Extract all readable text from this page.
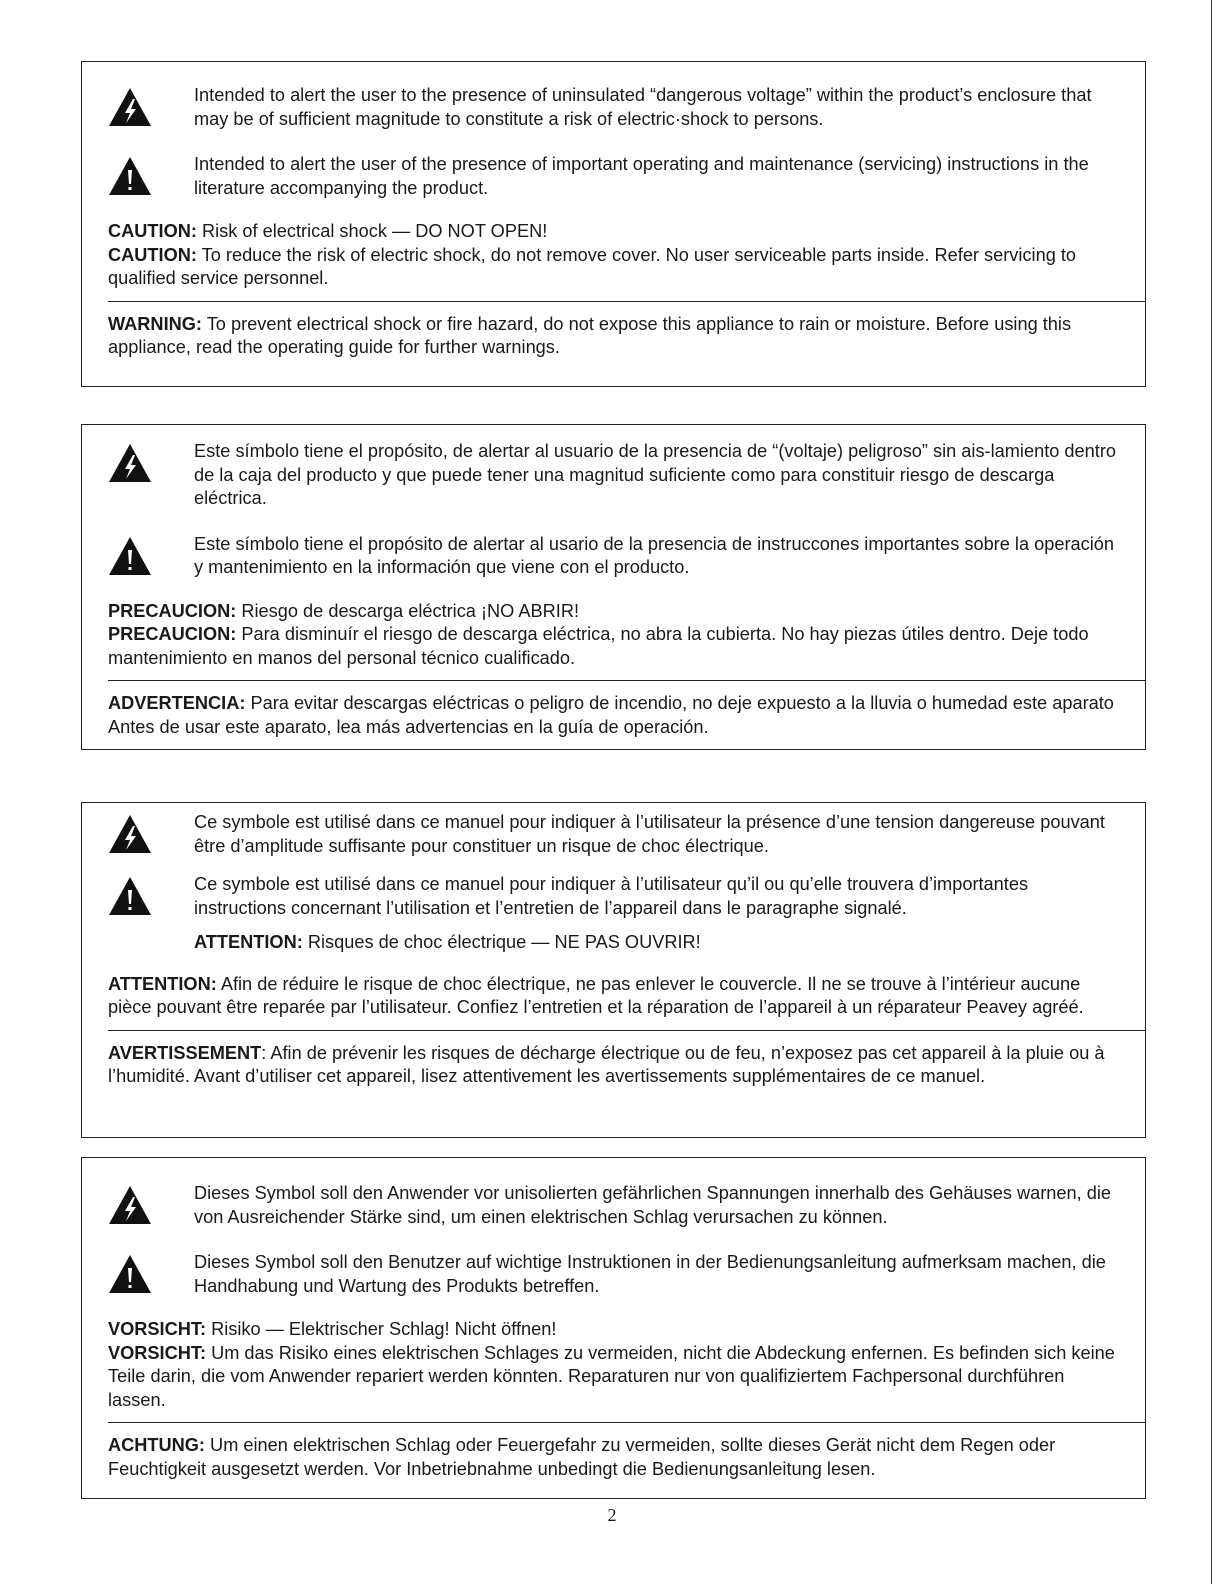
Intended to alert the user to the presence of uninsulated “dangerous voltage” within the product’s enclosure that may be of sufficient magnitude to constitute a risk of electric·shock to persons.
Intended to alert the user of the presence of important operating and maintenance (servicing) instructions in the literature accompanying the product.

CAUTION: Risk of electrical shock — DO NOT OPEN!

CAUTION: To reduce the risk of electric shock, do not remove cover. No user serviceable parts inside. Refer servicing to qualified service personnel.

WARNING: To prevent electrical shock or fire hazard, do not expose this appliance to rain or moisture. Before using this appliance, read the operating guide for further warnings.

Este símbolo tiene el propósito, de alertar al usuario de la presencia de “(voltaje) peligroso” sin ais-lamiento dentro de la caja del producto y que puede tener una magnitud suficiente como para constituir riesgo de descarga eléctrica.
Este símbolo tiene el propósito de alertar al usario de la presencia de instruccones importantes sobre la operación y mantenimiento en la información que viene con el producto.

PRECAUCION: Riesgo de descarga eléctrica ¡NO ABRIR!

PRECAUCION: Para disminuír el riesgo de descarga eléctrica, no abra la cubierta. No hay piezas útiles dentro. Deje todo mantenimiento en manos del personal técnico cualificado.

ADVERTENCIA: Para evitar descargas eléctricas o peligro de incendio, no deje expuesto a la lluvia o humedad este aparato Antes de usar este aparato, lea más advertencias en la guía de operación.

Ce symbole est utilisé dans ce manuel pour indiquer à l’utilisateur la présence d’une tension dangereuse pouvant être d’amplitude suffisante pour constituer un risque de choc électrique.
Ce symbole est utilisé dans ce manuel pour indiquer à l’utilisateur qu’il ou qu’elle trouvera d’importantes instructions concernant l’utilisation et l’entretien de l’appareil dans le paragraphe signalé.

ATTENTION: Risques de choc électrique — NE PAS OUVRIR!

ATTENTION: Afin de réduire le risque de choc électrique, ne pas enlever le couvercle. Il ne se trouve à l’intérieur aucune pièce pouvant être reparée par l’utilisateur. Confiez l’entretien et la réparation de l’appareil à un réparateur Peavey agréé.

AVERTISSEMENT: Afin de prévenir les risques de décharge électrique ou de feu, n’exposez pas cet appareil à la pluie ou à l’humidité. Avant d’utiliser cet appareil, lisez attentivement les avertissements supplémentaires de ce manuel.

Dieses Symbol soll den Anwender vor unisolierten gefährlichen Spannungen innerhalb des Gehäuses warnen, die von Ausreichender Stärke sind, um einen elektrischen Schlag verursachen zu können.
Dieses Symbol soll den Benutzer auf wichtige Instruktionen in der Bedienungsanleitung aufmerksam machen, die Handhabung und Wartung des Produkts betreffen.

VORSICHT: Risiko — Elektrischer Schlag! Nicht öffnen!

VORSICHT: Um das Risiko eines elektrischen Schlages zu vermeiden, nicht die Abdeckung enfernen. Es befinden sich keine Teile darin, die vom Anwender repariert werden könnten. Reparaturen nur von qualifiziertem Fachpersonal durchführen lassen.

ACHTUNG: Um einen elektrischen Schlag oder Feuergefahr zu vermeiden, sollte dieses Gerät nicht dem Regen oder Feuchtigkeit ausgesetzt werden. Vor Inbetriebnahme unbedingt die Bedienungsanleitung lesen.

2
